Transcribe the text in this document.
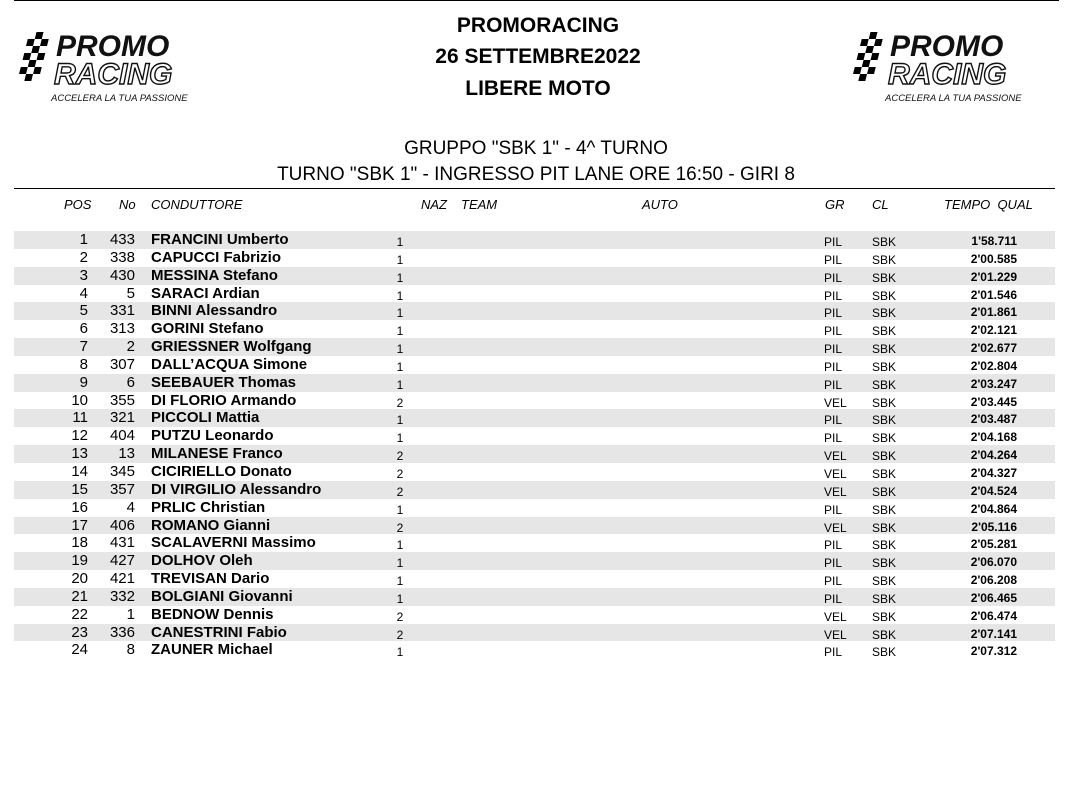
PROMO
RACING
ACCELERA LA TUA PASSIONE
PROMO
RACING
ACCELERA LA TUA PASSIONE
PROMORACING
26 SETTEMBRE2022
LIBERE MOTO
GRUPPO "SBK 1" - 4^ TURNO
TURNO "SBK 1" - INGRESSO PIT LANE ORE 16:50 - GIRI 8
POS No CONDUTTORE	NAZ TEAM	AUTO	GR CL	TEMPO  QUAL
1	433 FRANCINI Umberto	1	PIL SBK	1'58.711
2	338 CAPUCCI Fabrizio	1	PIL SBK	2'00.585
3	430 MESSINA Stefano	1	PIL SBK	2'01.229
4	5 SARACI Ardian	1	PIL SBK	2'01.546
5	331 BINNI Alessandro	1	PIL SBK	2'01.861
6	313 GORINI Stefano	1	PIL SBK	2'02.121
7	2 GRIESSNER Wolfgang	1	PIL SBK	2'02.677
8	307 DALL’ACQUA Simone	1	PIL SBK	2'02.804
9	6 SEEBAUER Thomas	1	PIL SBK	2'03.247
10	355 DI FLORIO Armando	2	VEL SBK	2'03.445
11	321 PICCOLI Mattia	1	PIL SBK	2'03.487
12	404 PUTZU Leonardo	1	PIL SBK	2'04.168
13	13 MILANESE Franco	2	VEL SBK	2'04.264
14	345 CICIRIELLO Donato	2	VEL SBK	2'04.327
15	357 DI VIRGILIO Alessandro	2	VEL SBK	2'04.524
16	4 PRLIC Christian	1	PIL SBK	2'04.864
17	406 ROMANO Gianni	2	VEL SBK	2'05.116
18	431 SCALAVERNI Massimo	1	PIL SBK	2'05.281
19	427 DOLHOV Oleh	1	PIL SBK	2'06.070
20	421 TREVISAN Dario	1	PIL SBK	2'06.208
21	332 BOLGIANI Giovanni	1	PIL SBK	2'06.465
22	1 BEDNOW Dennis	2	VEL SBK	2'06.474
23	336 CANESTRINI Fabio	2	VEL SBK	2'07.141
24	8 ZAUNER Michael	1	PIL SBK	2'07.312
